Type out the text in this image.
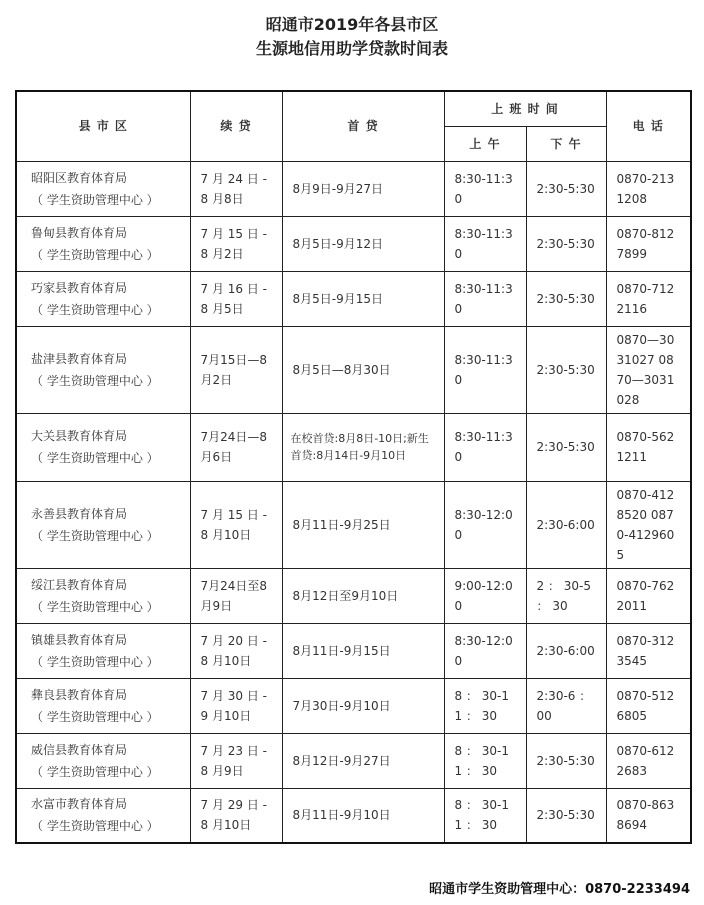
昭通市2019年各县市区
生源地信用助学贷款时间表
县 市 区	续 贷	首 贷	上 班 时 间		电 话
			上 午	下 午	

昭阳区教育体育局
（ 学生资助管理中心 ）	7 月 24 日 -8 月8日	8月9日-9月27日	8:30-11:30	2:30-5:30	0870-2131208

鲁甸县教育体育局
（ 学生资助管理中心 ）	7 月 15 日 -8 月2日	8月5日-9月12日	8:30-11:30	2:30-5:30	0870-8127899

巧家县教育体育局
（ 学生资助管理中心 ）	7 月 16 日 -8 月5日	8月5日-9月15日	8:30-11:30	2:30-5:30	0870-7122116

盐津县教育体育局
（ 学生资助管理中心 ）	7月15日—8月2日	8月5日—8月30日	8:30-11:30	2:30-5:30	0870—3031027 0870—3031028

大关县教育体育局
（ 学生资助管理中心 ）	7月24日—8月6日	在校首贷:8月8日-10日;新生首贷:8月14日-9月10日	8:30-11:30	2:30-5:30	0870-5621211

永善县教育体育局
（ 学生资助管理中心 ）	7 月 15 日 -8 月10日	8月11日-9月25日	8:30-12:00	2:30-6:00	0870-4128520 0870-4129605

绥江县教育体育局
（ 学生资助管理中心 ）	7月24日至8月9日	8月12日至9月10日	9:00-12:00	2 ： 30-5 ： 30	0870-7622011

镇雄县教育体育局
（ 学生资助管理中心 ）	7 月 20 日 -8 月10日	8月11日-9月15日	8:30-12:00	2:30-6:00	0870-3123545

彝良县教育体育局
（ 学生资助管理中心 ）	7 月 30 日 -9 月10日	7月30日-9月10日	8 ： 30-11 ： 30	2:30-6 ： 00	0870-5126805

威信县教育体育局
（ 学生资助管理中心 ）	7 月 23 日 -8 月9日	8月12日-9月27日	8 ： 30-11 ： 30	2:30-5:30	0870-6122683

水富市教育体育局
（ 学生资助管理中心 ）	7 月 29 日 -8 月10日	8月11日-9月10日	8 ： 30-11 ： 30	2:30-5:30	0870-8638694
昭通市学生资助管理中心：0870-2233494
